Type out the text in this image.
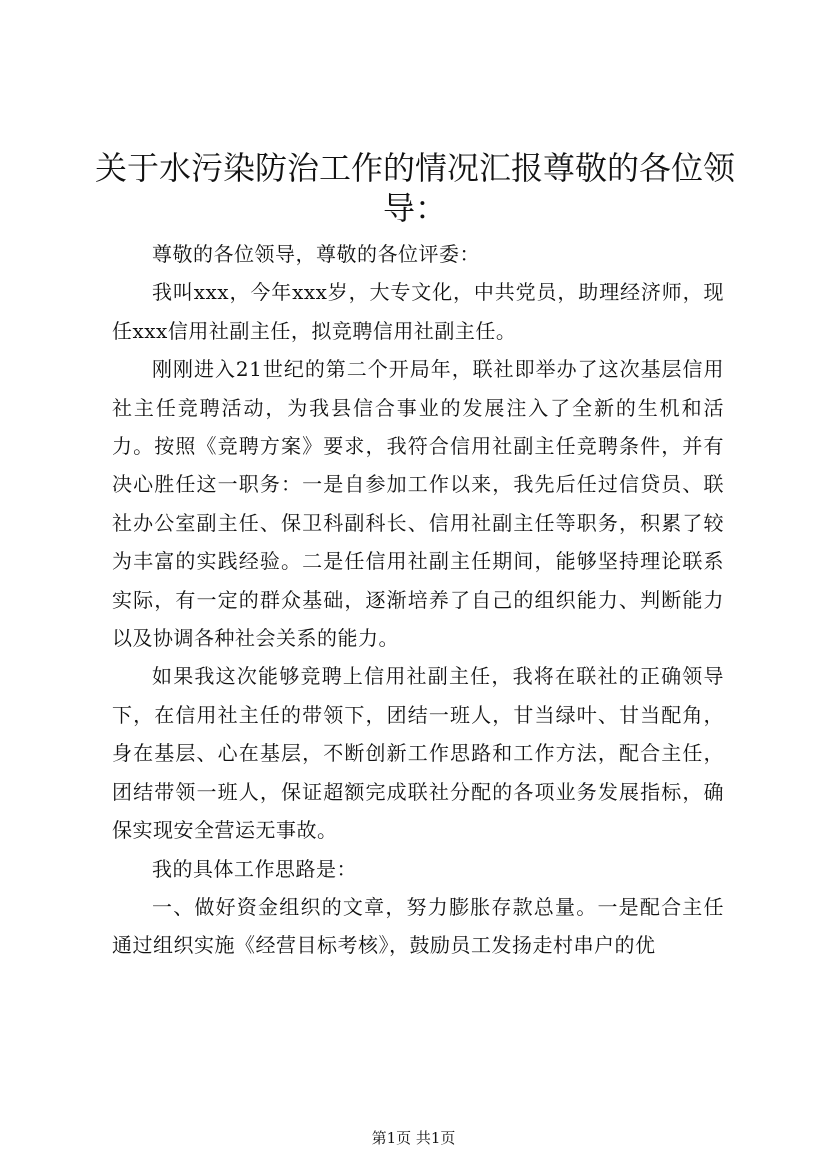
关于水污染防治工作的情况汇报尊敬的各位领导：

尊敬的各位领导，尊敬的各位评委：

我叫xxx，今年xxx岁，大专文化，中共党员，助理经济师，现任xxx信用社副主任，拟竞聘信用社副主任。

刚刚进入21世纪的第二个开局年，联社即举办了这次基层信用社主任竞聘活动，为我县信合事业的发展注入了全新的生机和活力。按照《竞聘方案》要求，我符合信用社副主任竞聘条件，并有决心胜任这一职务：一是自参加工作以来，我先后任过信贷员、联社办公室副主任、保卫科副科长、信用社副主任等职务，积累了较为丰富的实践经验。二是任信用社副主任期间，能够坚持理论联系实际，有一定的群众基础，逐渐培养了自己的组织能力、判断能力以及协调各种社会关系的能力。

如果我这次能够竞聘上信用社副主任，我将在联社的正确领导下，在信用社主任的带领下，团结一班人，甘当绿叶、甘当配角，身在基层、心在基层，不断创新工作思路和工作方法，配合主任，团结带领一班人，保证超额完成联社分配的各项业务发展指标，确保实现安全营运无事故。

我的具体工作思路是：

一、做好资金组织的文章，努力膨胀存款总量。一是配合主任通过组织实施《经营目标考核》，鼓励员工发扬走村串户的优

第1页 共1页
